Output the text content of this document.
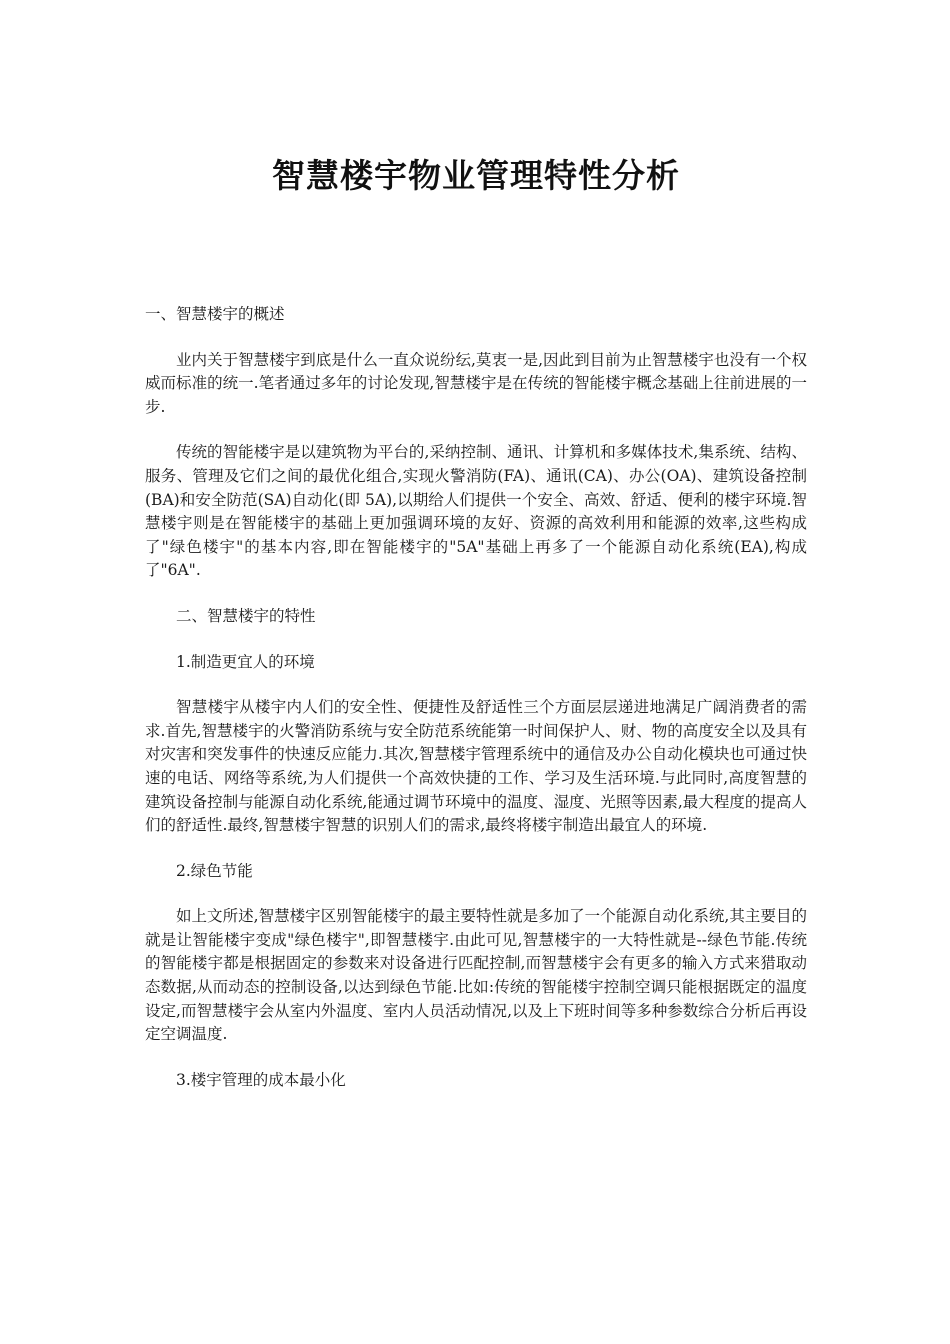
智慧楼宇物业管理特性分析

一、智慧楼宇的概述

业内关于智慧楼宇到底是什么一直众说纷纭,莫衷一是,因此到目前为止智慧楼宇也没有一个权威而标准的统一.笔者通过多年的讨论发现,智慧楼宇是在传统的智能楼宇概念基础上往前进展的一步.

传统的智能楼宇是以建筑物为平台的,采纳控制、通讯、计算机和多媒体技术,集系统、结构、服务、管理及它们之间的最优化组合,实现火警消防(FA)、通讯(CA)、办公(OA)、建筑设备控制(BA)和安全防范(SA)自动化(即 5A),以期给人们提供一个安全、高效、舒适、便利的楼宇环境.智慧楼宇则是在智能楼宇的基础上更加强调环境的友好、资源的高效利用和能源的效率,这些构成了"绿色楼宇"的基本内容,即在智能楼宇的"5A"基础上再多了一个能源自动化系统(EA),构成了"6A".

二、智慧楼宇的特性

1.制造更宜人的环境

智慧楼宇从楼宇内人们的安全性、便捷性及舒适性三个方面层层递进地满足广阔消费者的需求.首先,智慧楼宇的火警消防系统与安全防范系统能第一时间保护人、财、物的高度安全以及具有对灾害和突发事件的快速反应能力.其次,智慧楼宇管理系统中的通信及办公自动化模块也可通过快速的电话、网络等系统,为人们提供一个高效快捷的工作、学习及生活环境.与此同时,高度智慧的建筑设备控制与能源自动化系统,能通过调节环境中的温度、湿度、光照等因素,最大程度的提高人们的舒适性.最终,智慧楼宇智慧的识别人们的需求,最终将楼宇制造出最宜人的环境.

2.绿色节能

如上文所述,智慧楼宇区别智能楼宇的最主要特性就是多加了一个能源自动化系统,其主要目的就是让智能楼宇变成"绿色楼宇",即智慧楼宇.由此可见,智慧楼宇的一大特性就是--绿色节能.传统的智能楼宇都是根据固定的参数来对设备进行匹配控制,而智慧楼宇会有更多的输入方式来猎取动态数据,从而动态的控制设备,以达到绿色节能.比如:传统的智能楼宇控制空调只能根据既定的温度设定,而智慧楼宇会从室内外温度、室内人员活动情况,以及上下班时间等多种参数综合分析后再设定空调温度.

3.楼宇管理的成本最小化
